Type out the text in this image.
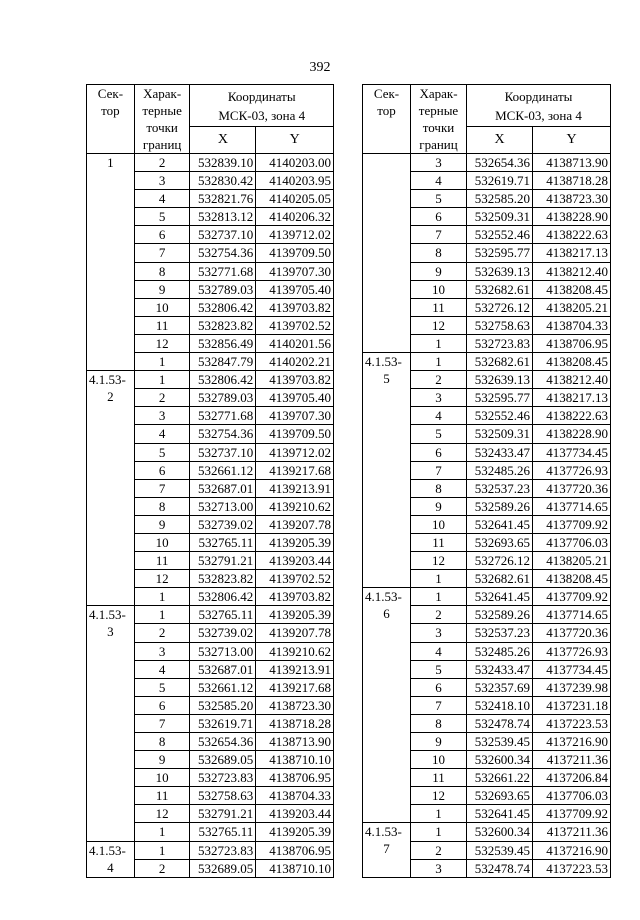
392
Сек-
тор	Харак-
терные
точки
границ	Координаты
МСК-03, зона 4	
		X	Y
1	2	532839.10	4140203.00
	3	532830.42	4140203.95
	4	532821.76	4140205.05
	5	532813.12	4140206.32
	6	532737.10	4139712.02
	7	532754.36	4139709.50
	8	532771.68	4139707.30
	9	532789.03	4139705.40
	10	532806.42	4139703.82
	11	532823.82	4139702.52
	12	532856.49	4140201.56
	1	532847.79	4140202.21

4.1.53-
2	1	532806.42	4139703.82
	2	532789.03	4139705.40
	3	532771.68	4139707.30
	4	532754.36	4139709.50
	5	532737.10	4139712.02
	6	532661.12	4139217.68
	7	532687.01	4139213.91
	8	532713.00	4139210.62
	9	532739.02	4139207.78
	10	532765.11	4139205.39
	11	532791.21	4139203.44
	12	532823.82	4139702.52
	1	532806.42	4139703.82

4.1.53-
3	1	532765.11	4139205.39
	2	532739.02	4139207.78
	3	532713.00	4139210.62
	4	532687.01	4139213.91
	5	532661.12	4139217.68
	6	532585.20	4138723.30
	7	532619.71	4138718.28
	8	532654.36	4138713.90
	9	532689.05	4138710.10
	10	532723.83	4138706.95
	11	532758.63	4138704.33
	12	532791.21	4139203.44
	1	532765.11	4139205.39

4.1.53-
4	1	532723.83	4138706.95
	2	532689.05	4138710.10
Сек-
тор	Харак-
терные
точки
границ	Координаты
МСК-03, зона 4	
		X	Y
	3	532654.36	4138713.90
	4	532619.71	4138718.28
	5	532585.20	4138723.30
	6	532509.31	4138228.90
	7	532552.46	4138222.63
	8	532595.77	4138217.13
	9	532639.13	4138212.40
	10	532682.61	4138208.45
	11	532726.12	4138205.21
	12	532758.63	4138704.33
	1	532723.83	4138706.95

4.1.53-
5	1	532682.61	4138208.45
	2	532639.13	4138212.40
	3	532595.77	4138217.13
	4	532552.46	4138222.63
	5	532509.31	4138228.90
	6	532433.47	4137734.45
	7	532485.26	4137726.93
	8	532537.23	4137720.36
	9	532589.26	4137714.65
	10	532641.45	4137709.92
	11	532693.65	4137706.03
	12	532726.12	4138205.21
	1	532682.61	4138208.45

4.1.53-
6	1	532641.45	4137709.92
	2	532589.26	4137714.65
	3	532537.23	4137720.36
	4	532485.26	4137726.93
	5	532433.47	4137734.45
	6	532357.69	4137239.98
	7	532418.10	4137231.18
	8	532478.74	4137223.53
	9	532539.45	4137216.90
	10	532600.34	4137211.36
	11	532661.22	4137206.84
	12	532693.65	4137706.03
	1	532641.45	4137709.92

4.1.53-
7	1	532600.34	4137211.36
	2	532539.45	4137216.90
	3	532478.74	4137223.53
